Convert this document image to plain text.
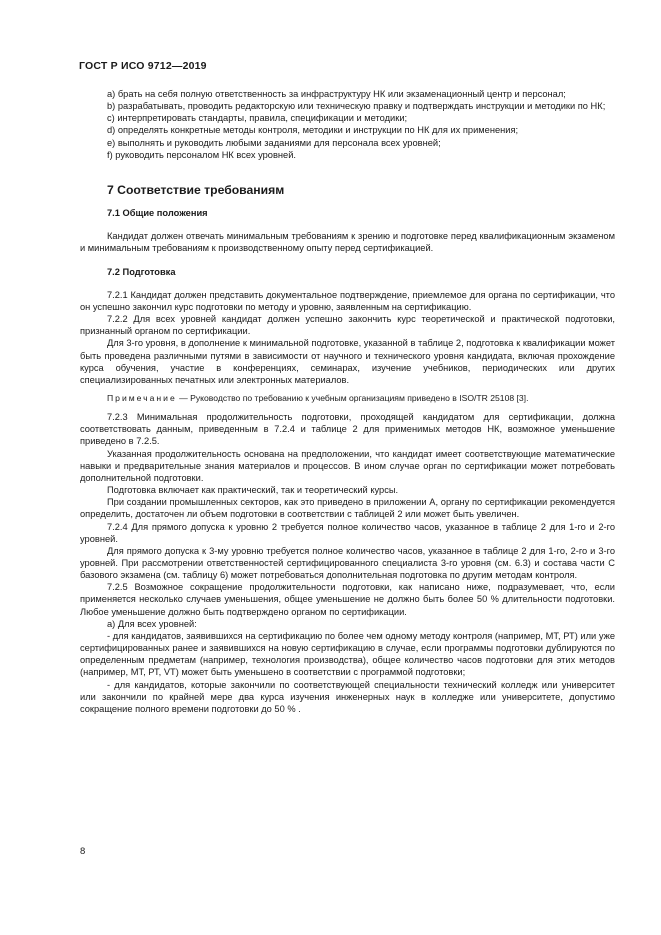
ГОСТ Р ИСО 9712—2019

a) брать на себя полную ответственность за инфраструктуру НК или экзаменационный центр и персонал;

b) разрабатывать, проводить редакторскую или техническую правку и подтверждать инструкции и методики по НК;

c) интерпретировать стандарты, правила, спецификации и методики;

d) определять конкретные методы контроля, методики и инструкции по НК для их применения;

e) выполнять и руководить любыми заданиями для персонала всех уровней;

f) руководить персоналом НК всех уровней.

7 Соответствие требованиям
7.1 Общие положения

Кандидат должен отвечать минимальным требованиям к зрению и подготовке перед квалификационным экзаменом и минимальным требованиям к производственному опыту перед сертификацией.

7.2 Подготовка

7.2.1 Кандидат должен представить документальное подтверждение, приемлемое для органа по сертификации, что он успешно закончил курс подготовки по методу и уровню, заявленным на сертификацию.

7.2.2 Для всех уровней кандидат должен успешно закончить курс теоретической и практической подготовки, признанный органом по сертификации.

Для 3-го уровня, в дополнение к минимальной подготовке, указанной в таблице 2, подготовка к квалификации может быть проведена различными путями в зависимости от научного и технического уровня кандидата, включая прохождение курса обучения, участие в конференциях, семинарах, изучение учебников, периодических или других специализированных печатных или электронных материалов.

Примечание — Руководство по требованию к учебным организациям приведено в ISO/TR 25108 [3].

7.2.3 Минимальная продолжительность подготовки, проходящей кандидатом для сертификации, должна соответствовать данным, приведенным в 7.2.4 и таблице 2 для применимых методов НК, возможное уменьшение приведено в 7.2.5.

Указанная продолжительность основана на предположении, что кандидат имеет соответствующие математические навыки и предварительные знания материалов и процессов. В ином случае орган по сертификации может потребовать дополнительной подготовки.

Подготовка включает как практический, так и теоретический курсы.

При создании промышленных секторов, как это приведено в приложении А, органу по сертификации рекомендуется определить, достаточен ли объем подготовки в соответствии с таблицей 2 или может быть увеличен.

7.2.4 Для прямого допуска к уровню 2 требуется полное количество часов, указанное в таблице 2 для 1-го и 2-го уровней.

Для прямого допуска к 3-му уровню требуется полное количество часов, указанное в таблице 2 для 1-го, 2-го и 3-го уровней. При рассмотрении ответственностей сертифицированного специалиста 3-го уровня (см. 6.3) и состава части С базового экзамена (см. таблицу 6) может потребоваться дополнительная подготовка по другим методам контроля.

7.2.5 Возможное сокращение продолжительности подготовки, как написано ниже, подразумевает, что, если применяется несколько случаев уменьшения, общее уменьшение не должно быть более 50 % длительности подготовки. Любое уменьшение должно быть подтверждено органом по сертификации.

а) Для всех уровней:

- для кандидатов, заявившихся на сертификацию по более чем одному методу контроля (например, МТ, РТ) или уже сертифицированных ранее и заявившихся на новую сертификацию в случае, если программы подготовки дублируются по определенным предметам (например, технология производства), общее количество часов подготовки для этих методов (например, МТ, РТ, VT) может быть уменьшено в соответствии с программой подготовки;

- для кандидатов, которые закончили по соответствующей специальности технический колледж или университет или закончили по крайней мере два курса изучения инженерных наук в колледже или университете, допустимо сокращение полного времени подготовки до 50 % .

8
